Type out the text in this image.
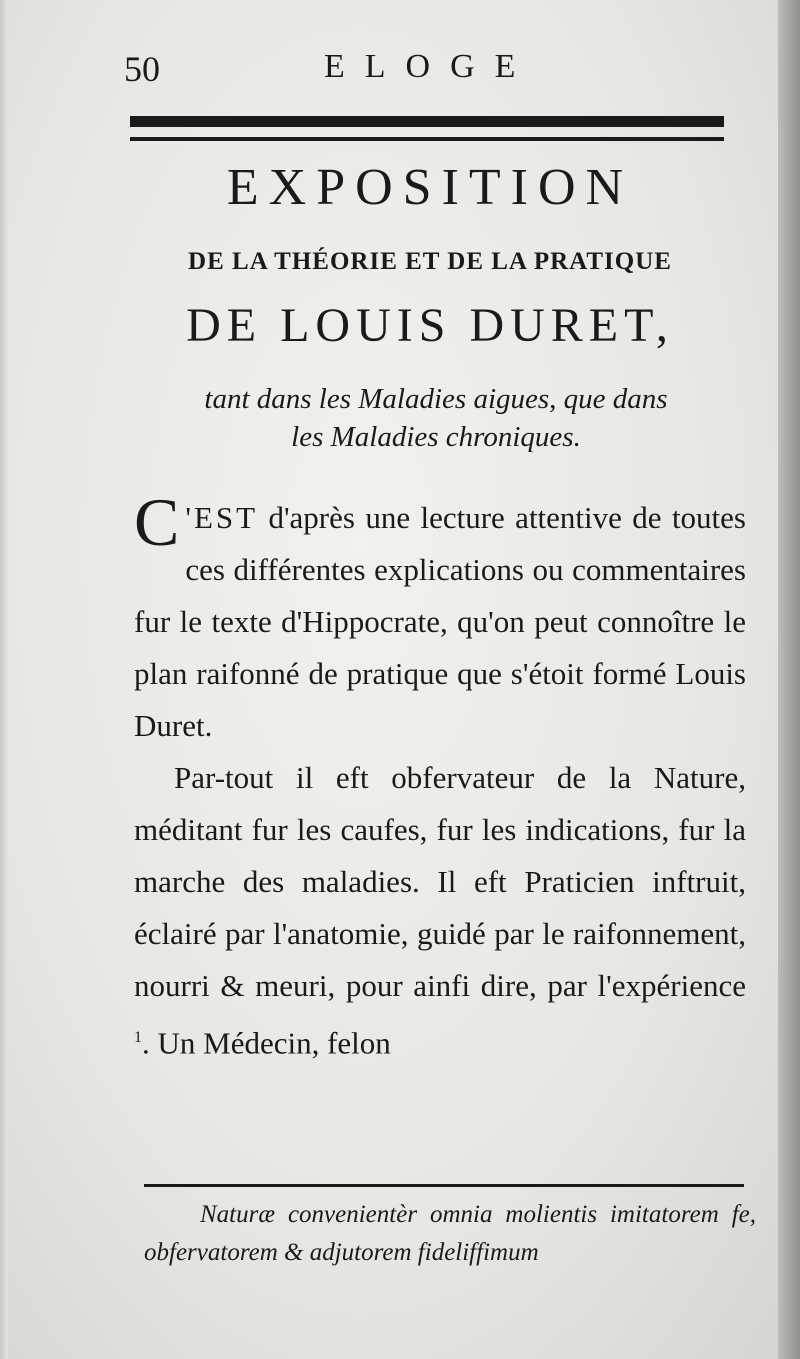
50	ELOGE
EXPOSITION
DE LA THÉORIE ET DE LA PRATIQUE
DE LOUIS DURET,
tant dans les Maladies aigues, que dans
les Maladies chroniques.

C 'EST d'après une lecture attentive de toutes ces différentes explications ou commentaires fur le texte d'Hippocrate, qu'on peut connoître le plan raifonné de pratique que s'étoit formé Louis Duret.

Par-tout il eft obfervateur de la Nature, méditant fur les caufes, fur les indications, fur la marche des maladies. Il eft Praticien inftruit, éclairé par l'anatomie, guidé par le raifonnement, nourri & meuri, pour ainfi dire, par l'expérience $^1$. Un Médecin, felon

Naturæ convenientèr omnia molientis imitatorem fe, obfervatorem & adjutorem fideliffimum
